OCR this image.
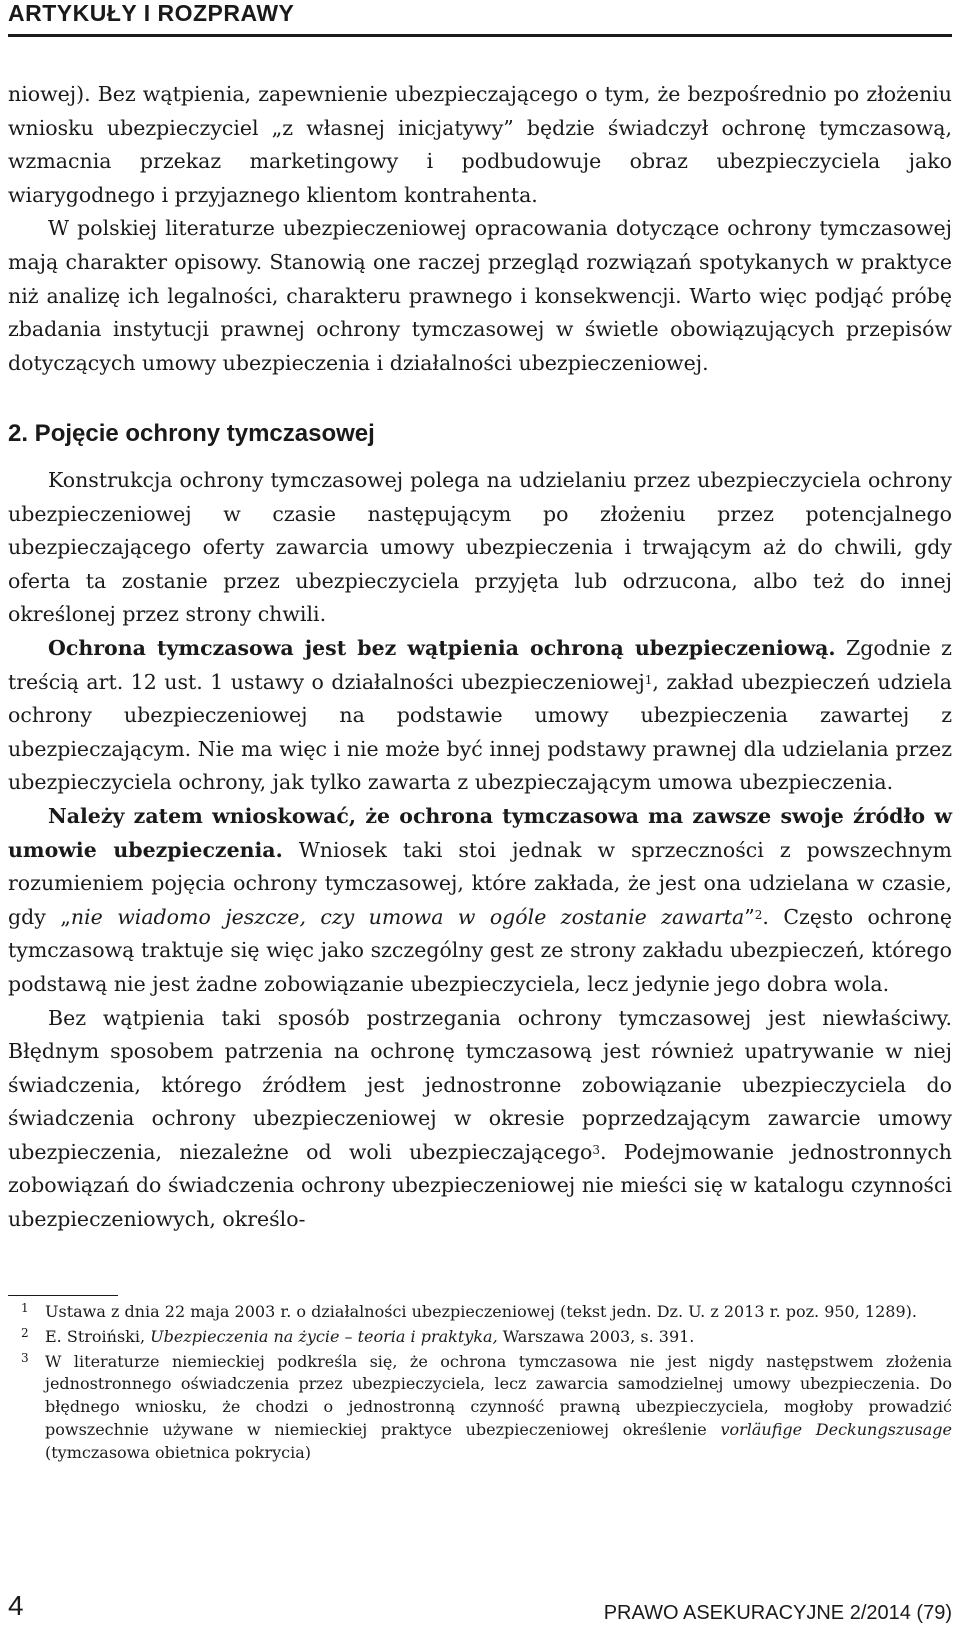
ARTYKUŁY I ROZPRAWY

niowej). Bez wątpienia, zapewnienie ubezpieczającego o tym, że bezpośrednio po złożeniu wniosku ubezpieczyciel „z własnej inicjatywy” będzie świadczył ochronę tymczasową, wzmacnia przekaz marketingowy i podbudowuje obraz ubezpieczyciela jako wiarygodnego i przyjaznego klientom kontrahenta.

W polskiej literaturze ubezpieczeniowej opracowania dotyczące ochrony tymczasowej mają charakter opisowy. Stanowią one raczej przegląd rozwiązań spotykanych w praktyce niż analizę ich legalności, charakteru prawnego i konsekwencji. Warto więc podjąć próbę zbadania instytucji prawnej ochrony tymczasowej w świetle obowiązujących przepisów dotyczących umowy ubezpieczenia i działalności ubezpieczeniowej.

2. Pojęcie ochrony tymczasowej

Konstrukcja ochrony tymczasowej polega na udzielaniu przez ubezpieczyciela ochrony ubezpieczeniowej w czasie następującym po złożeniu przez potencjalnego ubezpieczającego oferty zawarcia umowy ubezpieczenia i trwającym aż do chwili, gdy oferta ta zostanie przez ubezpieczyciela przyjęta lub odrzucona, albo też do innej określonej przez strony chwili.

Ochrona tymczasowa jest bez wątpienia ochroną ubezpieczeniową. Zgodnie z treścią art. 12 ust. 1 ustawy o działalności ubezpieczeniowej$^1$, zakład ubezpieczeń udziela ochrony ubezpieczeniowej na podstawie umowy ubezpieczenia zawartej z ubezpieczającym. Nie ma więc i nie może być innej podstawy prawnej dla udzielania przez ubezpieczyciela ochrony, jak tylko zawarta z ubezpieczającym umowa ubezpieczenia.

Należy zatem wnioskować, że ochrona tymczasowa ma zawsze swoje źródło w umowie ubezpieczenia. Wniosek taki stoi jednak w sprzeczności z powszechnym rozumieniem pojęcia ochrony tymczasowej, które zakłada, że jest ona udzielana w czasie, gdy „nie wiadomo jeszcze, czy umowa w ogóle zostanie zawarta”$^2$. Często ochronę tymczasową traktuje się więc jako szczególny gest ze strony zakładu ubezpieczeń, którego podstawą nie jest żadne zobowiązanie ubezpieczyciela, lecz jedynie jego dobra wola.

Bez wątpienia taki sposób postrzegania ochrony tymczasowej jest niewłaściwy. Błędnym sposobem patrzenia na ochronę tymczasową jest również upatrywanie w niej świadczenia, którego źródłem jest jednostronne zobowiązanie ubezpieczyciela do świadczenia ochrony ubezpieczeniowej w okresie poprzedzającym zawarcie umowy ubezpieczenia, niezależne od woli ubezpieczającego$^3$. Podejmowanie jednostronnych zobowiązań do świadczenia ochrony ubezpieczeniowej nie mieści się w katalogu czynności ubezpieczeniowych, określo-

1 Ustawa z dnia 22 maja 2003 r. o działalności ubezpieczeniowej (tekst jedn. Dz. U. z 2013 r. poz. 950, 1289).

2 E. Stroiński, Ubezpieczenia na życie – teoria i praktyka, Warszawa 2003, s. 391.

3 W literaturze niemieckiej podkreśla się, że ochrona tymczasowa nie jest nigdy następstwem złożenia jednostronnego oświadczenia przez ubezpieczyciela, lecz zawarcia samodzielnej umowy ubezpieczenia. Do błędnego wniosku, że chodzi o jednostronną czynność prawną ubezpieczyciela, mogłoby prowadzić powszechnie używane w niemieckiej praktyce ubezpieczeniowej określenie vorläufige Deckungszusage (tymczasowa obietnica pokrycia)

4	PRAWO ASEKURACYJNE 2/2014 (79)
